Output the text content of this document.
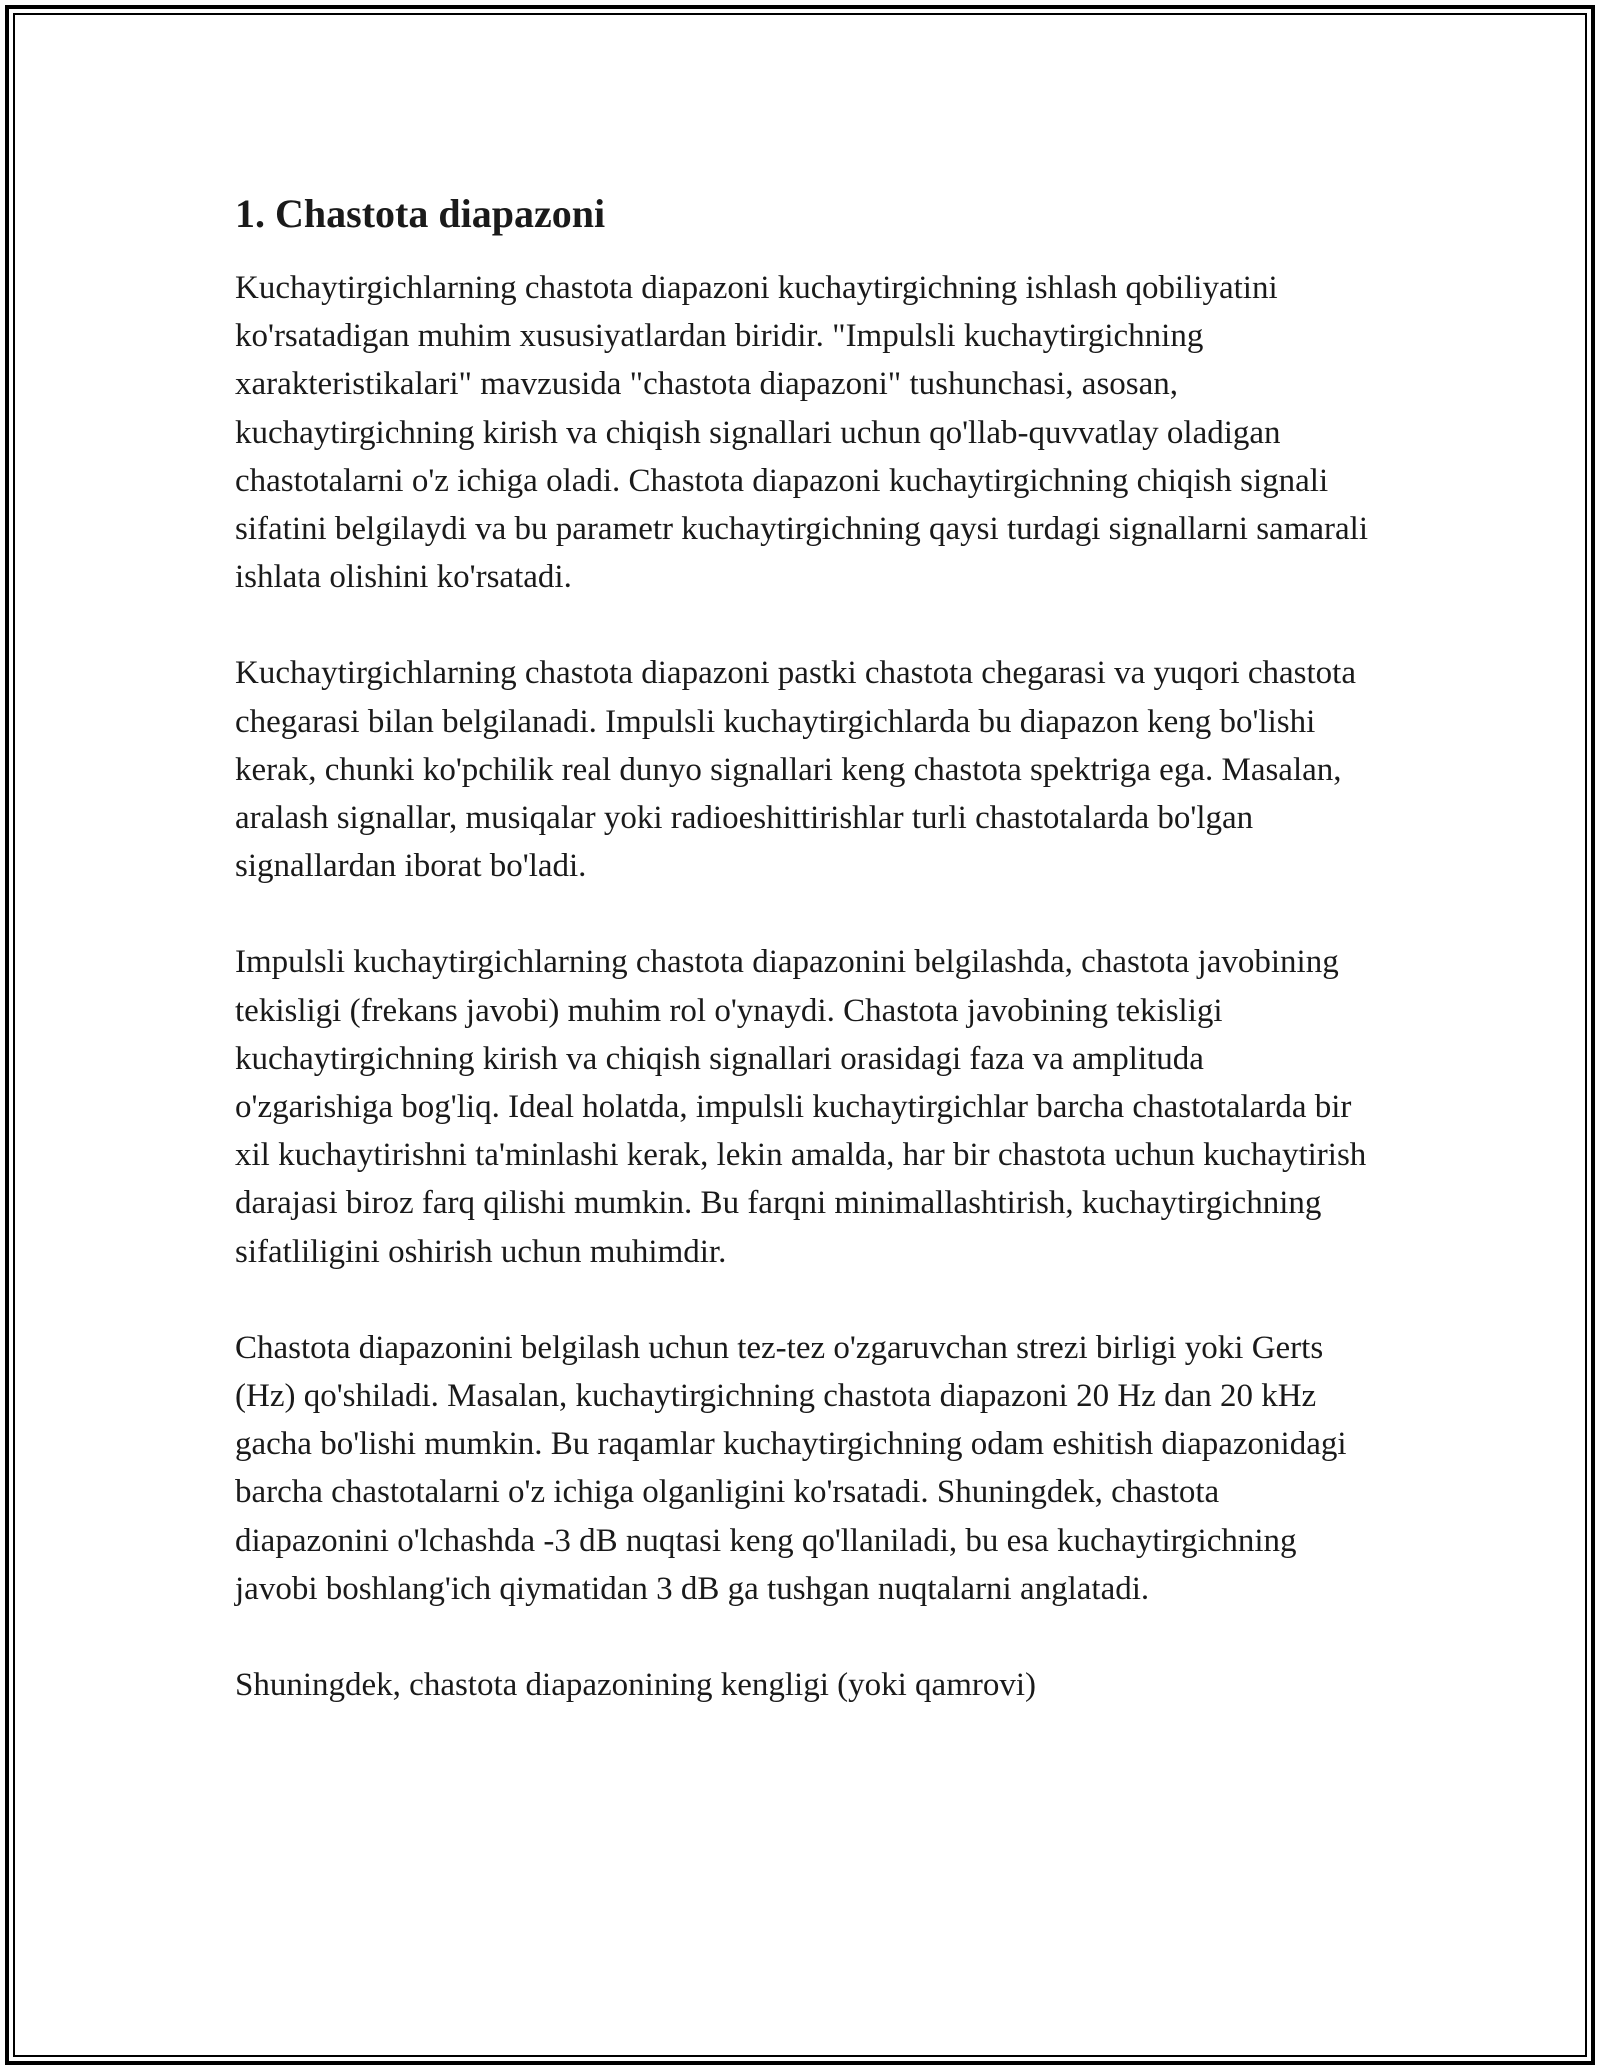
1. Chastota diapazoni

Kuchaytirgichlarning chastota diapazoni kuchaytirgichning ishlash qobiliyatini ko'rsatadigan muhim xususiyatlardan biridir. "Impulsli kuchaytirgichning xarakteristikalari" mavzusida "chastota diapazoni" tushunchasi, asosan, kuchaytirgichning kirish va chiqish signallari uchun qo'llab-quvvatlay oladigan chastotalarni o'z ichiga oladi. Chastota diapazoni kuchaytirgichning chiqish signali sifatini belgilaydi va bu parametr kuchaytirgichning qaysi turdagi signallarni samarali ishlata olishini ko'rsatadi.

Kuchaytirgichlarning chastota diapazoni pastki chastota chegarasi va yuqori chastota chegarasi bilan belgilanadi. Impulsli kuchaytirgichlarda bu diapazon keng bo'lishi kerak, chunki ko'pchilik real dunyo signallari keng chastota spektriga ega. Masalan, aralash signallar, musiqalar yoki radioeshittirishlar turli chastotalarda bo'lgan signallardan iborat bo'ladi.

Impulsli kuchaytirgichlarning chastota diapazonini belgilashda, chastota javobining tekisligi (frekans javobi) muhim rol o'ynaydi. Chastota javobining tekisligi kuchaytirgichning kirish va chiqish signallari orasidagi faza va amplituda o'zgarishiga bog'liq. Ideal holatda, impulsli kuchaytirgichlar barcha chastotalarda bir xil kuchaytirishni ta'minlashi kerak, lekin amalda, har bir chastota uchun kuchaytirish darajasi biroz farq qilishi mumkin. Bu farqni minimallashtirish, kuchaytirgichning sifatliligini oshirish uchun muhimdir.

Chastota diapazonini belgilash uchun tez-tez o'zgaruvchan strezi birligi yoki Gerts (Hz) qo'shiladi. Masalan, kuchaytirgichning chastota diapazoni 20 Hz dan 20 kHz gacha bo'lishi mumkin. Bu raqamlar kuchaytirgichning odam eshitish diapazonidagi barcha chastotalarni o'z ichiga olganligini ko'rsatadi. Shuningdek, chastota diapazonini o'lchashda -3 dB nuqtasi keng qo'llaniladi, bu esa kuchaytirgichning javobi boshlang'ich qiymatidan 3 dB ga tushgan nuqtalarni anglatadi.

Shuningdek, chastota diapazonining kengligi (yoki qamrovi)
